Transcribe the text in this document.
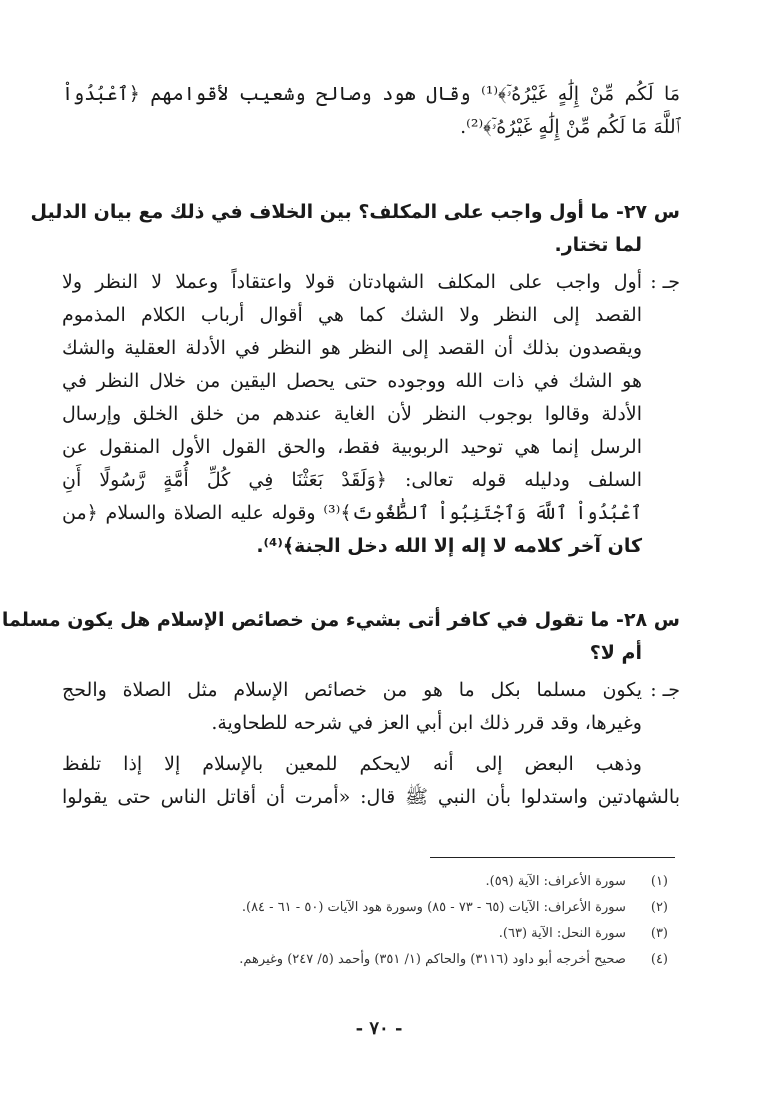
مَا لَكُم مِّنْ إِلَٰهٍ غَيْرُهُۥٓ﴾⁽¹⁾ وقال هود وصالح وشعيب لأقوامهم ﴿ٱعْبُدُواْ
ٱللَّهَ مَا لَكُم مِّنْ إِلَٰهٍ غَيْرُهُۥٓ﴾⁽²⁾.
س ٢٧- ما أول واجب على المكلف؟ بين الخلاف في ذلك مع بيان الدليل
لما تختار.
جـ :
أول واجب على المكلف الشهادتان قولا واعتقاداً وعملا لا النظر ولا
القصد إلى النظر ولا الشك كما هي أقوال أرباب الكلام المذموم
ويقصدون بذلك أن القصد إلى النظر هو النظر في الأدلة العقلية والشك
هو الشك في ذات الله ووجوده حتى يحصل اليقين من خلال النظر في
الأدلة وقالوا بوجوب النظر لأن الغاية عندهم من خلق الخلق وإرسال
الرسل إنما هي توحيد الربوبية فقط، والحق القول الأول المنقول عن
السلف ودليله قوله تعالى: ﴿وَلَقَدْ بَعَثْنَا فِي كُلِّ أُمَّةٍ رَّسُولًا أَنِ
ٱعْبُدُواْ ٱللَّهَ وَٱجْتَنِبُواْ ٱلطَّٰغُوتَ﴾⁽³⁾ وقوله عليه الصلاة والسلام ﴿من
كان آخر كلامه لا إله إلا الله دخل الجنة﴾⁽⁴⁾.
س ٢٨- ما تقول في كافر أتى بشيء من خصائص الإسلام هل يكون مسلما
أم لا؟
جـ :
يكون مسلما بكل ما هو من خصائص الإسلام مثل الصلاة والحج
وغيرها، وقد قرر ذلك ابن أبي العز في شرحه للطحاوية.
وذهب البعض إلى أنه لايحكم للمعين بالإسلام إلا إذا تلفظ
بالشهادتين واستدلوا بأن النبي ﷺ قال: «أمرت أن أقاتل الناس حتى يقولوا
(١) سورة الأعراف: الآية (٥٩).
(٢) سورة الأعراف: الآيات (٦٥ - ٧٣ - ٨٥) وسورة هود الآيات (٥٠ - ٦١ - ٨٤).
(٣) سورة النحل: الآية (٦٣).
(٤) صحيح أخرجه أبو داود (٣١١٦) والحاكم (١/ ٣٥١) وأحمد (٥/ ٢٤٧) وغيرهم.
- ٧٠ -
